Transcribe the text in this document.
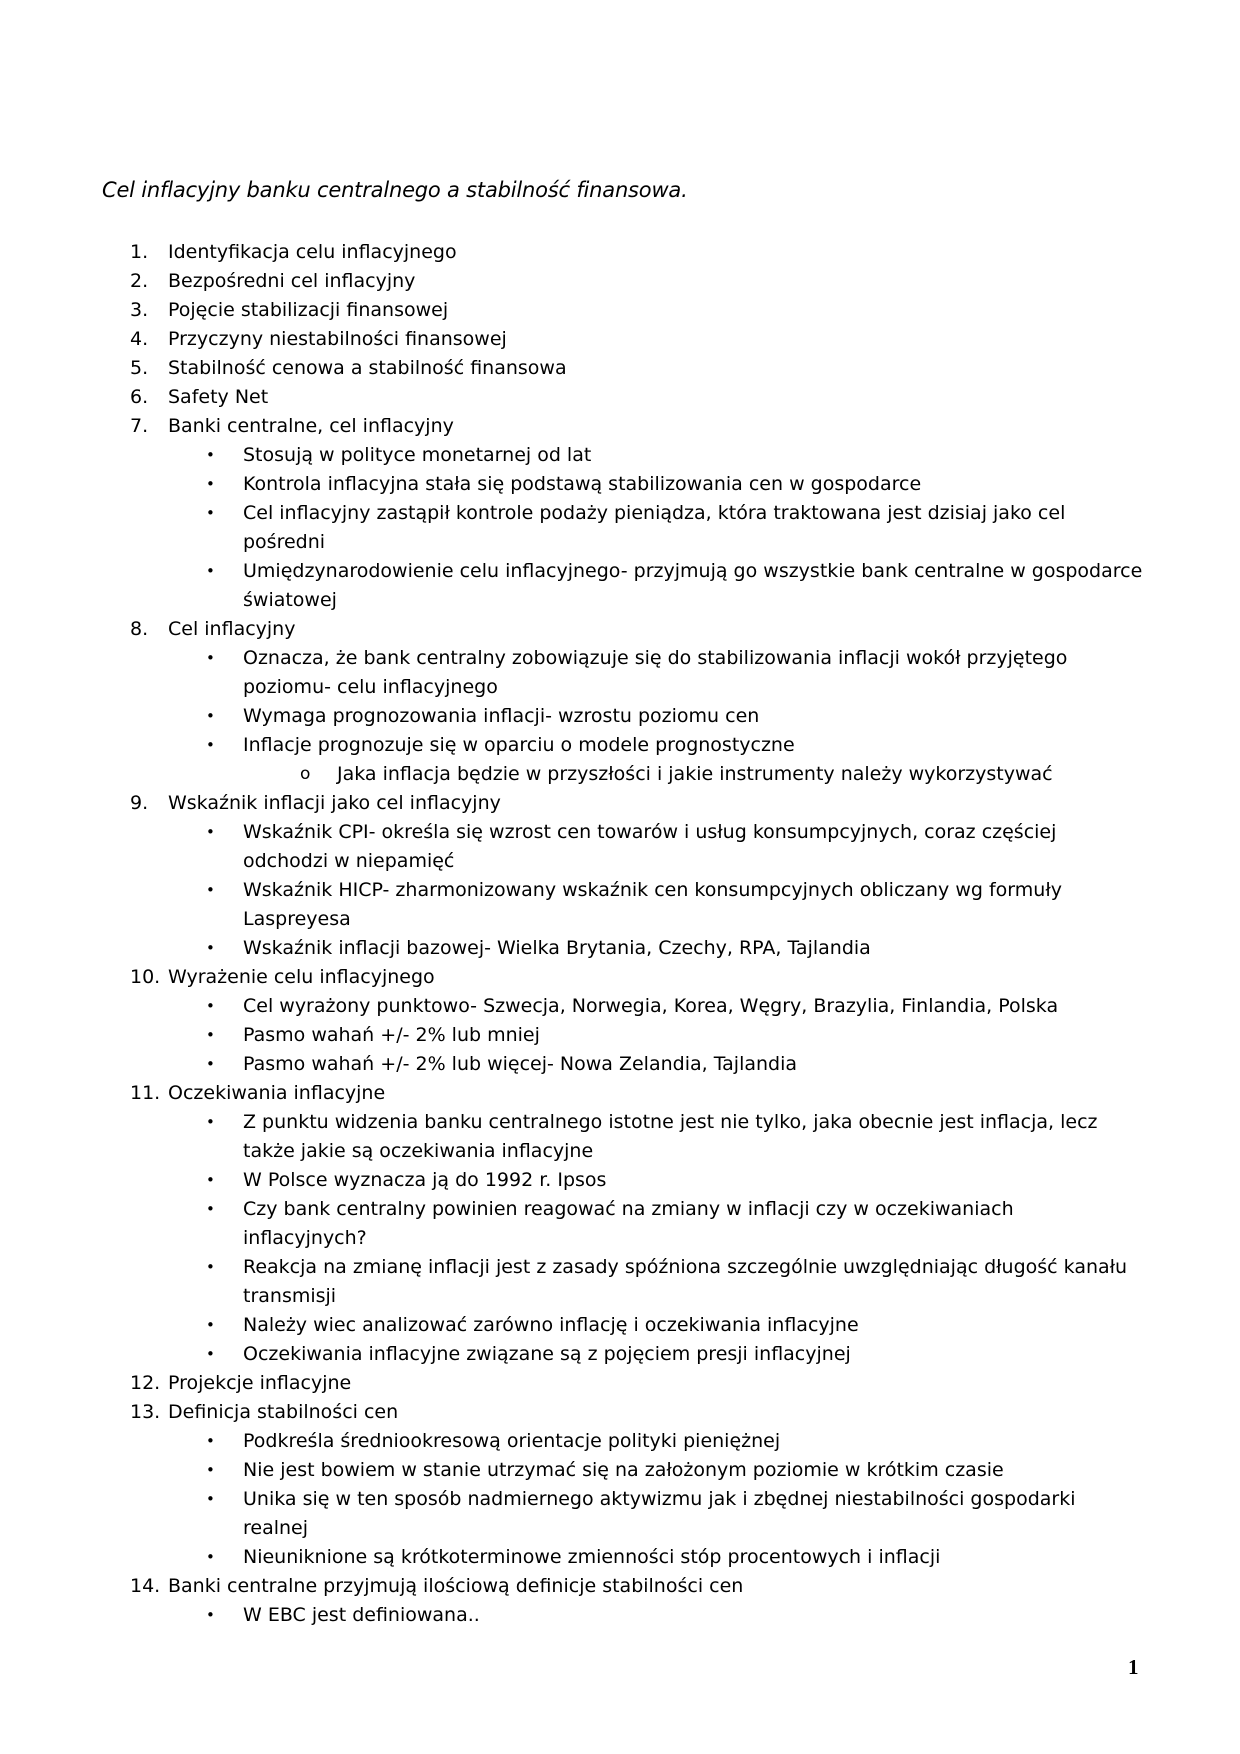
Cel inflacyjny banku centralnego a stabilność finansowa.
1. Identyfikacja celu inflacyjnego
2. Bezpośredni cel inflacyjny
3. Pojęcie stabilizacji finansowej
4. Przyczyny niestabilności finansowej
5. Stabilność cenowa a stabilność finansowa
6. Safety Net
7. Banki centralne, cel inflacyjny
• Stosują w polityce monetarnej od lat
• Kontrola inflacyjna stała się podstawą stabilizowania cen w gospodarce
• Cel inflacyjny zastąpił kontrole podaży pieniądza, która traktowana jest dzisiaj jako cel pośredni
• Umiędzynarodowienie celu inflacyjnego- przyjmują go wszystkie bank centralne w gospodarce światowej
8. Cel inflacyjny
• Oznacza, że bank centralny zobowiązuje się do stabilizowania inflacji wokół przyjętego poziomu- celu inflacyjnego
• Wymaga prognozowania inflacji- wzrostu poziomu cen
• Inflacje prognozuje się w oparciu o modele prognostyczne
o Jaka inflacja będzie w przyszłości i jakie instrumenty należy wykorzystywać
9. Wskaźnik inflacji jako cel inflacyjny
• Wskaźnik CPI- określa się wzrost cen towarów i usług konsumpcyjnych, coraz częściej odchodzi w niepamięć
• Wskaźnik HICP- zharmonizowany wskaźnik cen konsumpcyjnych obliczany wg formuły Laspreyesa
• Wskaźnik inflacji bazowej- Wielka Brytania, Czechy, RPA, Tajlandia
10. Wyrażenie celu inflacyjnego
• Cel wyrażony punktowo- Szwecja, Norwegia, Korea, Węgry, Brazylia, Finlandia, Polska
• Pasmo wahań +/- 2% lub mniej
• Pasmo wahań +/- 2% lub więcej- Nowa Zelandia, Tajlandia
11. Oczekiwania inflacyjne
• Z punktu widzenia banku centralnego istotne jest nie tylko, jaka obecnie jest inflacja, lecz także jakie są oczekiwania inflacyjne
• W Polsce wyznacza ją do 1992 r. Ipsos
• Czy bank centralny powinien reagować na zmiany w inflacji czy w oczekiwaniach inflacyjnych?
• Reakcja na zmianę inflacji jest z zasady spóźniona szczególnie uwzględniając długość kanału transmisji
• Należy wiec analizować zarówno inflację i oczekiwania inflacyjne
• Oczekiwania inflacyjne związane są z pojęciem presji inflacyjnej
12. Projekcje inflacyjne
13. Definicja stabilności cen
• Podkreśla średniookresową orientacje polityki pieniężnej
• Nie jest bowiem w stanie utrzymać się na założonym poziomie w krótkim czasie
• Unika się w ten sposób nadmiernego aktywizmu jak i zbędnej niestabilności gospodarki realnej
• Nieuniknione są krótkoterminowe zmienności stóp procentowych i inflacji
14. Banki centralne przyjmują ilościową definicje stabilności cen
• W EBC jest definiowana..
1
